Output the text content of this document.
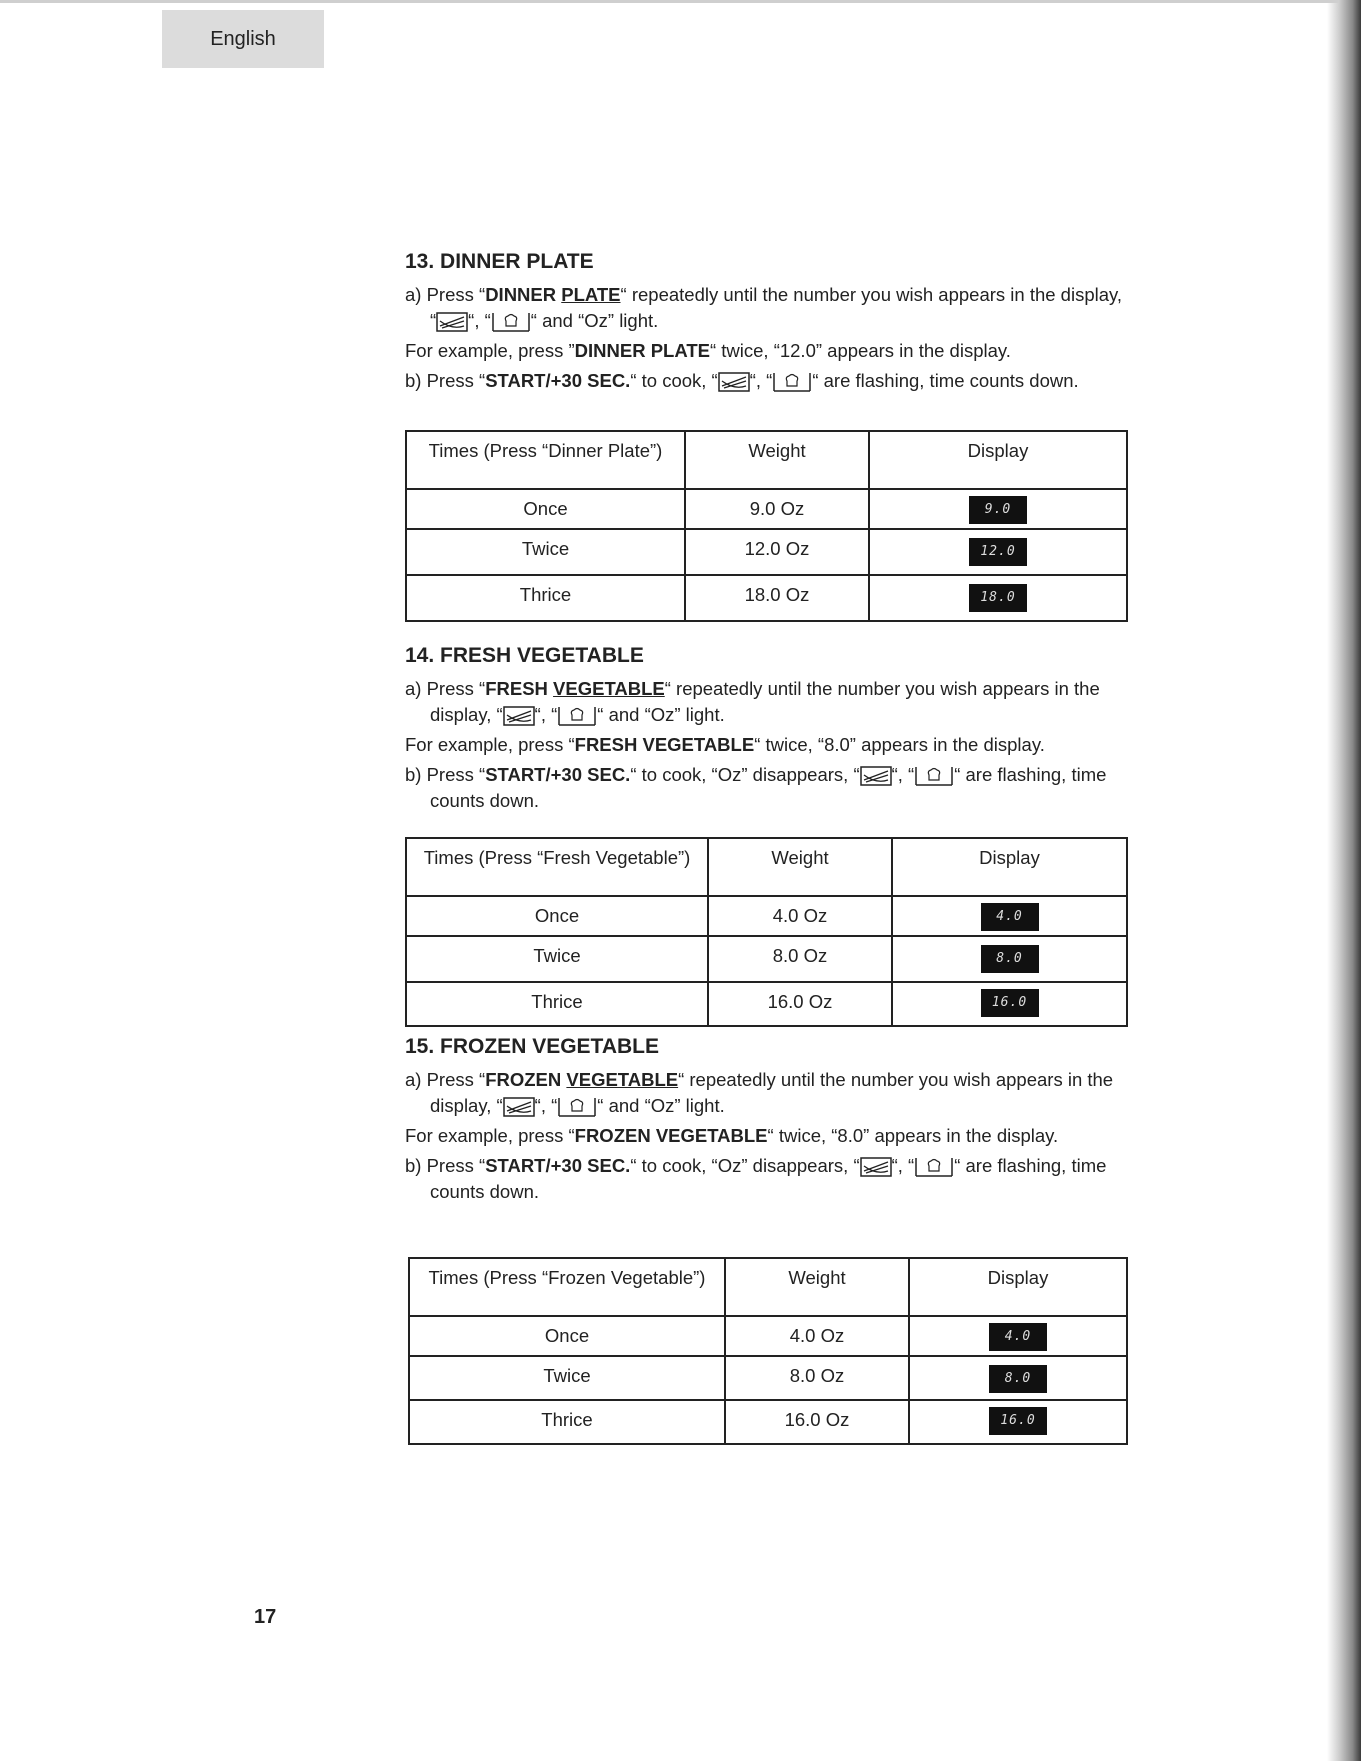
English

13. DINNER PLATE

a) Press “DINNER PLATE“ repeatedly until the number you wish appears in the display, “ “, “ “ and “Oz” light.

For example, press ”DINNER PLATE“ twice, “12.0” appears in the display.

b) Press “START/+30 SEC.“ to cook, “ “, “ “ are flashing, time counts down.

Times (Press “Dinner Plate”)	Weight	Display
Once	9.0 Oz	9.0
Twice	12.0 Oz	12.0
Thrice	18.0 Oz	18.0

14. FRESH VEGETABLE

a) Press “FRESH VEGETABLE“ repeatedly until the number you wish appears in the display, “ “, “ “ and “Oz” light.

For example, press “FRESH VEGETABLE“ twice, “8.0” appears in the display.

b) Press “START/+30 SEC.“ to cook, “Oz” disappears, “ “, “ “ are flashing, time counts down.

Times (Press “Fresh Vegetable”)	Weight	Display
Once	4.0 Oz	4.0
Twice	8.0 Oz	8.0
Thrice	16.0 Oz	16.0

15. FROZEN VEGETABLE

a) Press “FROZEN VEGETABLE“ repeatedly until the number you wish appears in the display, “ “, “ “ and “Oz” light.

For example, press “FROZEN VEGETABLE“ twice, “8.0” appears in the display.

b) Press “START/+30 SEC.“ to cook, “Oz” disappears, “ “, “ “ are flashing, time counts down.

Times (Press “Frozen Vegetable”)	Weight	Display
Once	4.0 Oz	4.0
Twice	8.0 Oz	8.0
Thrice	16.0 Oz	16.0
17
